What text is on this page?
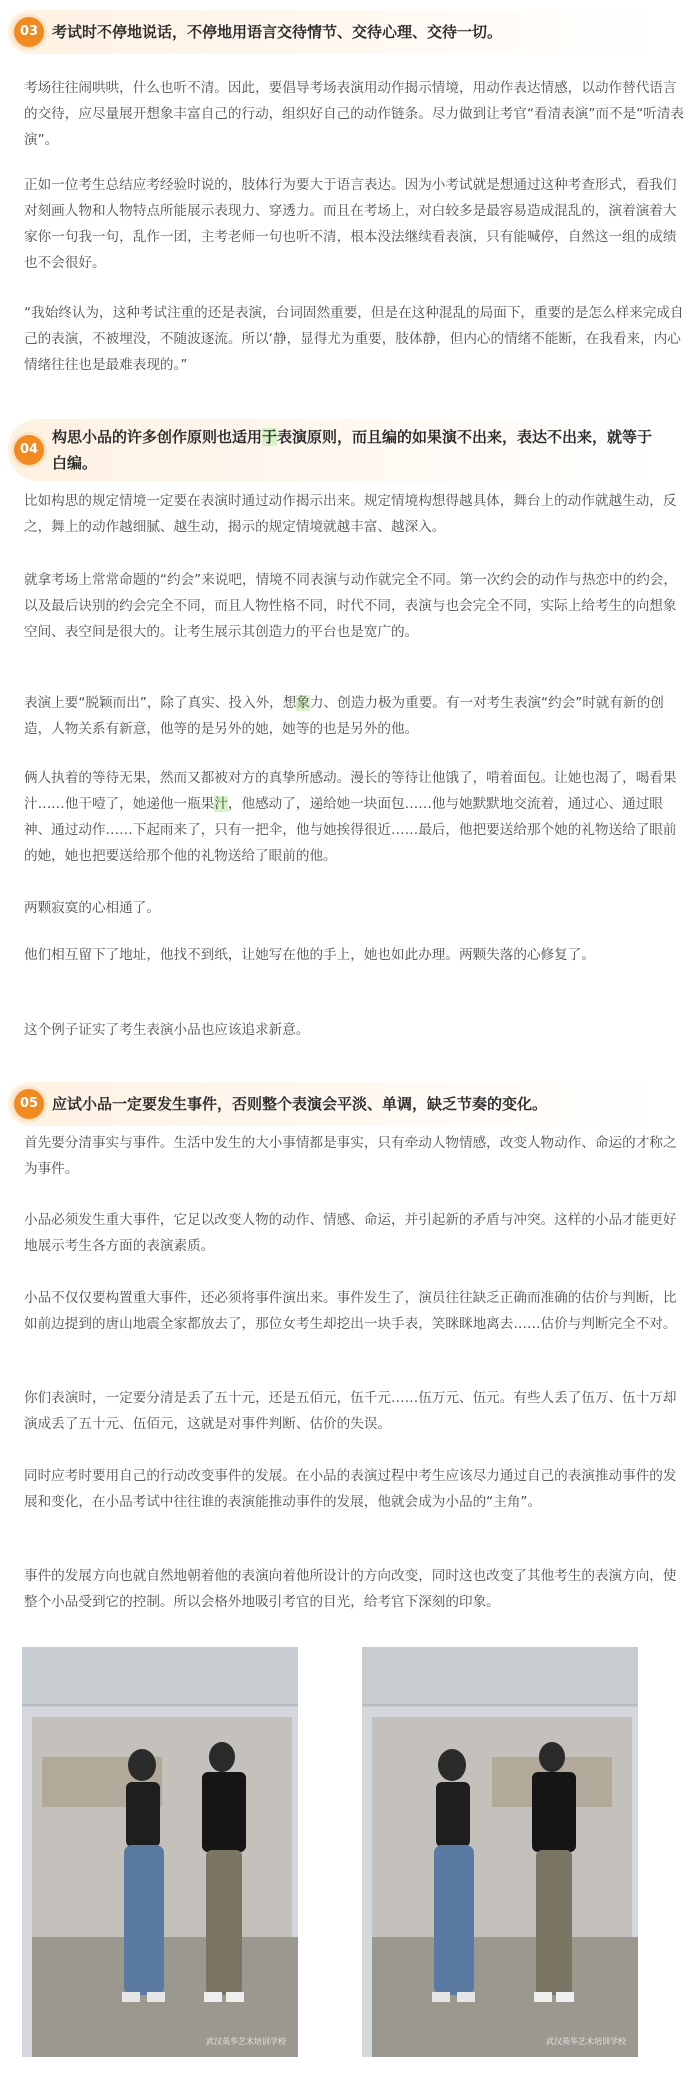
03 考试时不停地说话，不停地用语言交待情节、交待心理、交待一切。

考场往往闹哄哄，什么也听不清。因此，要倡导考场表演用动作揭示情境，用动作表达情感，以动作替代语言的交待，应尽量展开想象丰富自己的行动，组织好自己的动作链条。尽力做到让考官“看清表演”而不是“听清表演”。

正如一位考生总结应考经验时说的，肢体行为要大于语言表达。因为小考试就是想通过这种考查形式，看我们对刻画人物和人物特点所能展示表现力、穿透力。而且在考场上，对白较多是最容易造成混乱的，演着演着大家你一句我一句，乱作一团，主考老师一句也听不清，根本没法继续看表演，只有能喊停，自然这一组的成绩也不会很好。

“我始终认为，这种考试注重的还是表演，台词固然重要，但是在这种混乱的局面下，重要的是怎么样来完成自己的表演，不被埋没，不随波逐流。所以‘静，显得尤为重要，肢体静，但内心的情绪不能断，在我看来，内心情绪往往也是最难表现的。”

04
构思小品的许多创作原则也适用于表演原则，而且编的如果演不出来，表达不出来，就等于白编。

比如构思的规定情境一定要在表演时通过动作揭示出来。规定情境构想得越具体，舞台上的动作就越生动，反之，舞上的动作越细腻、越生动，揭示的规定情境就越丰富、越深入。

就拿考场上常常命题的“约会”来说吧，情境不同表演与动作就完全不同。第一次约会的动作与热恋中的约会，以及最后诀别的约会完全不同，而且人物性格不同，时代不同，表演与也会完全不同，实际上给考生的向想象空间、表空间是很大的。让考生展示其创造力的平台也是宽广的。

表演上要“脱颖而出”，除了真实、投入外，想象力、创造力极为重要。有一对考生表演“约会”时就有新的创造，人物关系有新意，他等的是另外的她，她等的也是另外的他。

俩人执着的等待无果，然而又都被对方的真挚所感动。漫长的等待让他饿了，啃着面包。让她也渴了，喝看果汁……他干噎了，她递他一瓶果汁，他感动了，递给她一块面包……他与她默默地交流着，通过心、通过眼神、通过动作……下起雨来了，只有一把伞，他与她挨得很近……最后，他把要送给那个她的礼物送给了眼前的她，她也把要送给那个他的礼物送给了眼前的他。

两颗寂寞的心相通了。

他们相互留下了地址，他找不到纸，让她写在他的手上，她也如此办理。两颗失落的心修复了。

这个例子证实了考生表演小品也应该追求新意。

05 应试小品一定要发生事件，否则整个表演会平淡、单调，缺乏节奏的变化。

首先要分清事实与事件。生活中发生的大小事情都是事实，只有牵动人物情感，改变人物动作、命运的才称之为事件。

小品必须发生重大事件，它足以改变人物的动作、情感、命运，并引起新的矛盾与冲突。这样的小品才能更好地展示考生各方面的表演素质。

小品不仅仅要构置重大事件，还必须将事件演出来。事件发生了，演员往往缺乏正确而准确的估价与判断，比如前边提到的唐山地震全家都放去了，那位女考生却挖出一块手表，笑眯眯地离去……估价与判断完全不对。

你们表演时，一定要分清是丢了五十元，还是五佰元，伍千元……伍万元、伍元。有些人丢了伍万、伍十万却演成丢了五十元、伍佰元，这就是对事件判断、估价的失误。

同时应考时要用自己的行动改变事件的发展。在小品的表演过程中考生应该尽力通过自己的表演推动事件的发展和变化，在小品考试中往往谁的表演能推动事件的发展，他就会成为小品的“主角”。

事件的发展方向也就自然地朝着他的表演向着他所设计的方向改变，同时这也改变了其他考生的表演方向，使整个小品受到它的控制。所以会格外地吸引考官的目光，给考官下深刻的印象。

武汉英华艺术培训学校	武汉英华艺术培训学校
